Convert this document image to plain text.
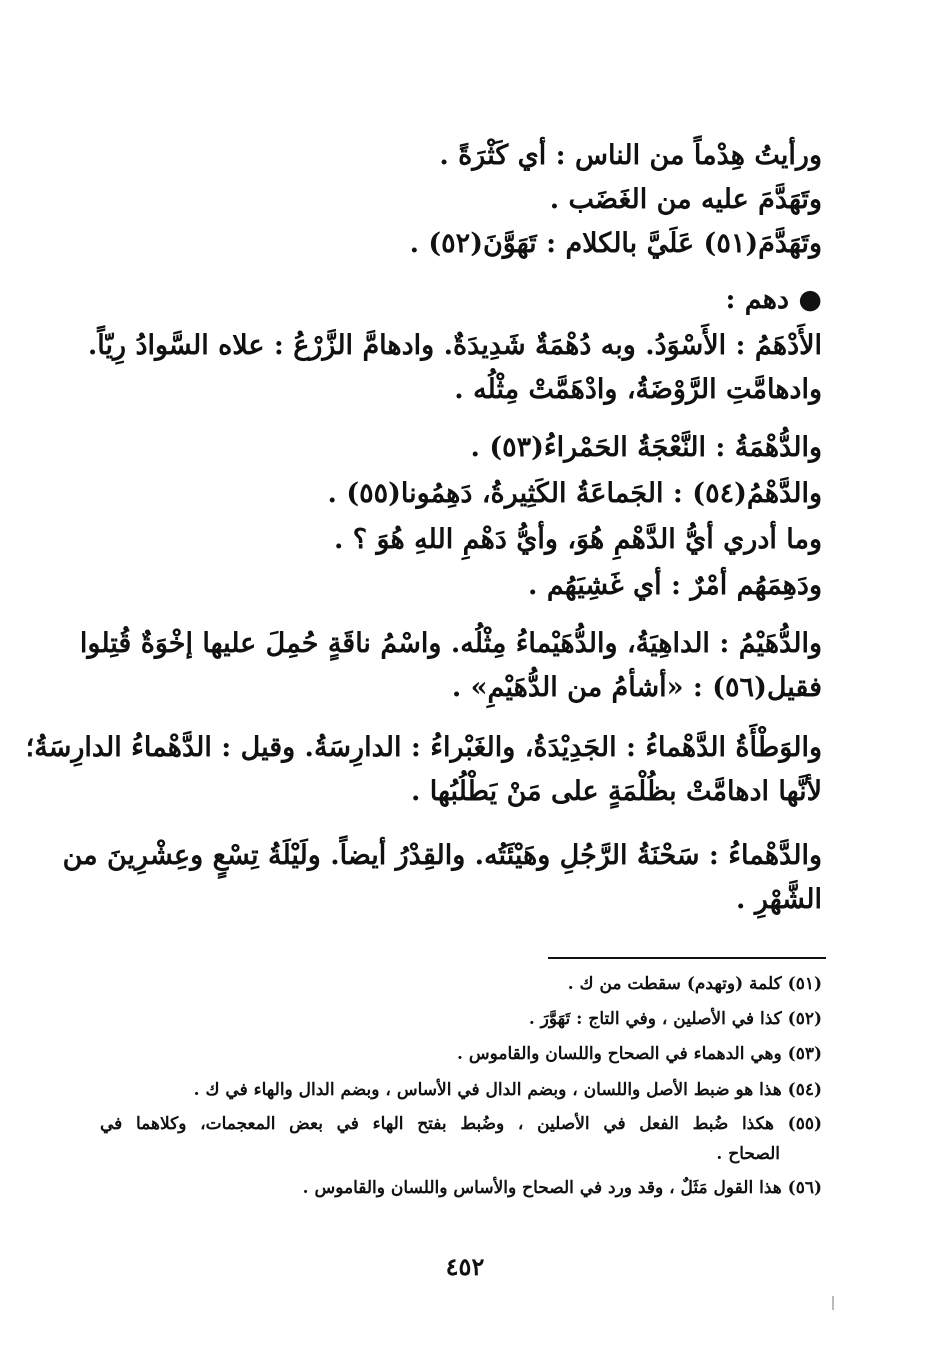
ورأيتُ هِدْماً من الناس : أي كَثْرَةً .
وتَهَدَّمَ عليه من الغَضَب .
وتَهَدَّمَ(٥١) عَلَيَّ بالكلام : تَهَوَّنَ(٥٢) .
● دهم :
الأَدْهَمُ : الأَسْوَدُ. وبه دُهْمَةٌ شَدِيدَةٌ. وادهامَّ الزَّرْعُ : علاه السَّوادُ رِيّاً.
وادهامَّتِ الرَّوْضَةُ، وادْهَمَّتْ مِثْلُه .
والدُّهْمَةُ : النَّعْجَةُ الحَمْراءُ(٥٣) .
والدَّهْمُ(٥٤) : الجَماعَةُ الكَثِيرةُ، دَهِمُونا(٥٥) .
وما أدري أيُّ الدَّهْمِ هُوَ، وأيُّ دَهْمِ اللهِ هُوَ ؟ .
ودَهِمَهُم أمْرٌ : أي غَشِيَهُم .
والدُّهَيْمُ : الداهِيَةُ، والدُّهَيْماءُ مِثْلُه. واسْمُ ناقَةٍ حُمِلَ عليها إخْوَةٌ قُتِلوا
فقيل(٥٦) : «أشأمُ من الدُّهَيْمِ» .
والوَطْأَةُ الدَّهْماءُ : الجَدِيْدَةُ، والغَبْراءُ : الدارِسَةُ. وقيل : الدَّهْماءُ الدارِسَةُ؛
لأنَّها ادهامَّتْ بظُلْمَةٍ على مَنْ يَطْلُبُها .
والدَّهْماءُ : سَحْنَةُ الرَّجُلِ وهَيْئَتُه. والقِدْرُ أيضاً. ولَيْلَةُ تِسْعٍ وعِشْرِينَ من
الشَّهْرِ .
(٥١) كلمة (وتهدم) سقطت من ك .
(٥٢) كذا في الأصلين ، وفي التاج : تَهَوَّرَ .
(٥٣) وهي الدهماء في الصحاح واللسان والقاموس .
(٥٤) هذا هو ضبط الأصل واللسان ، وبضم الدال في الأساس ، وبضم الدال والهاء في ك .
(٥٥) هكذا ضُبط الفعل في الأصلين ، وضُبط بفتح الهاء في بعض المعجمات، وكلاهما في
الصحاح .
(٥٦) هذا القول مَثَلٌ ، وقد ورد في الصحاح والأساس واللسان والقاموس .
٤٥٢
